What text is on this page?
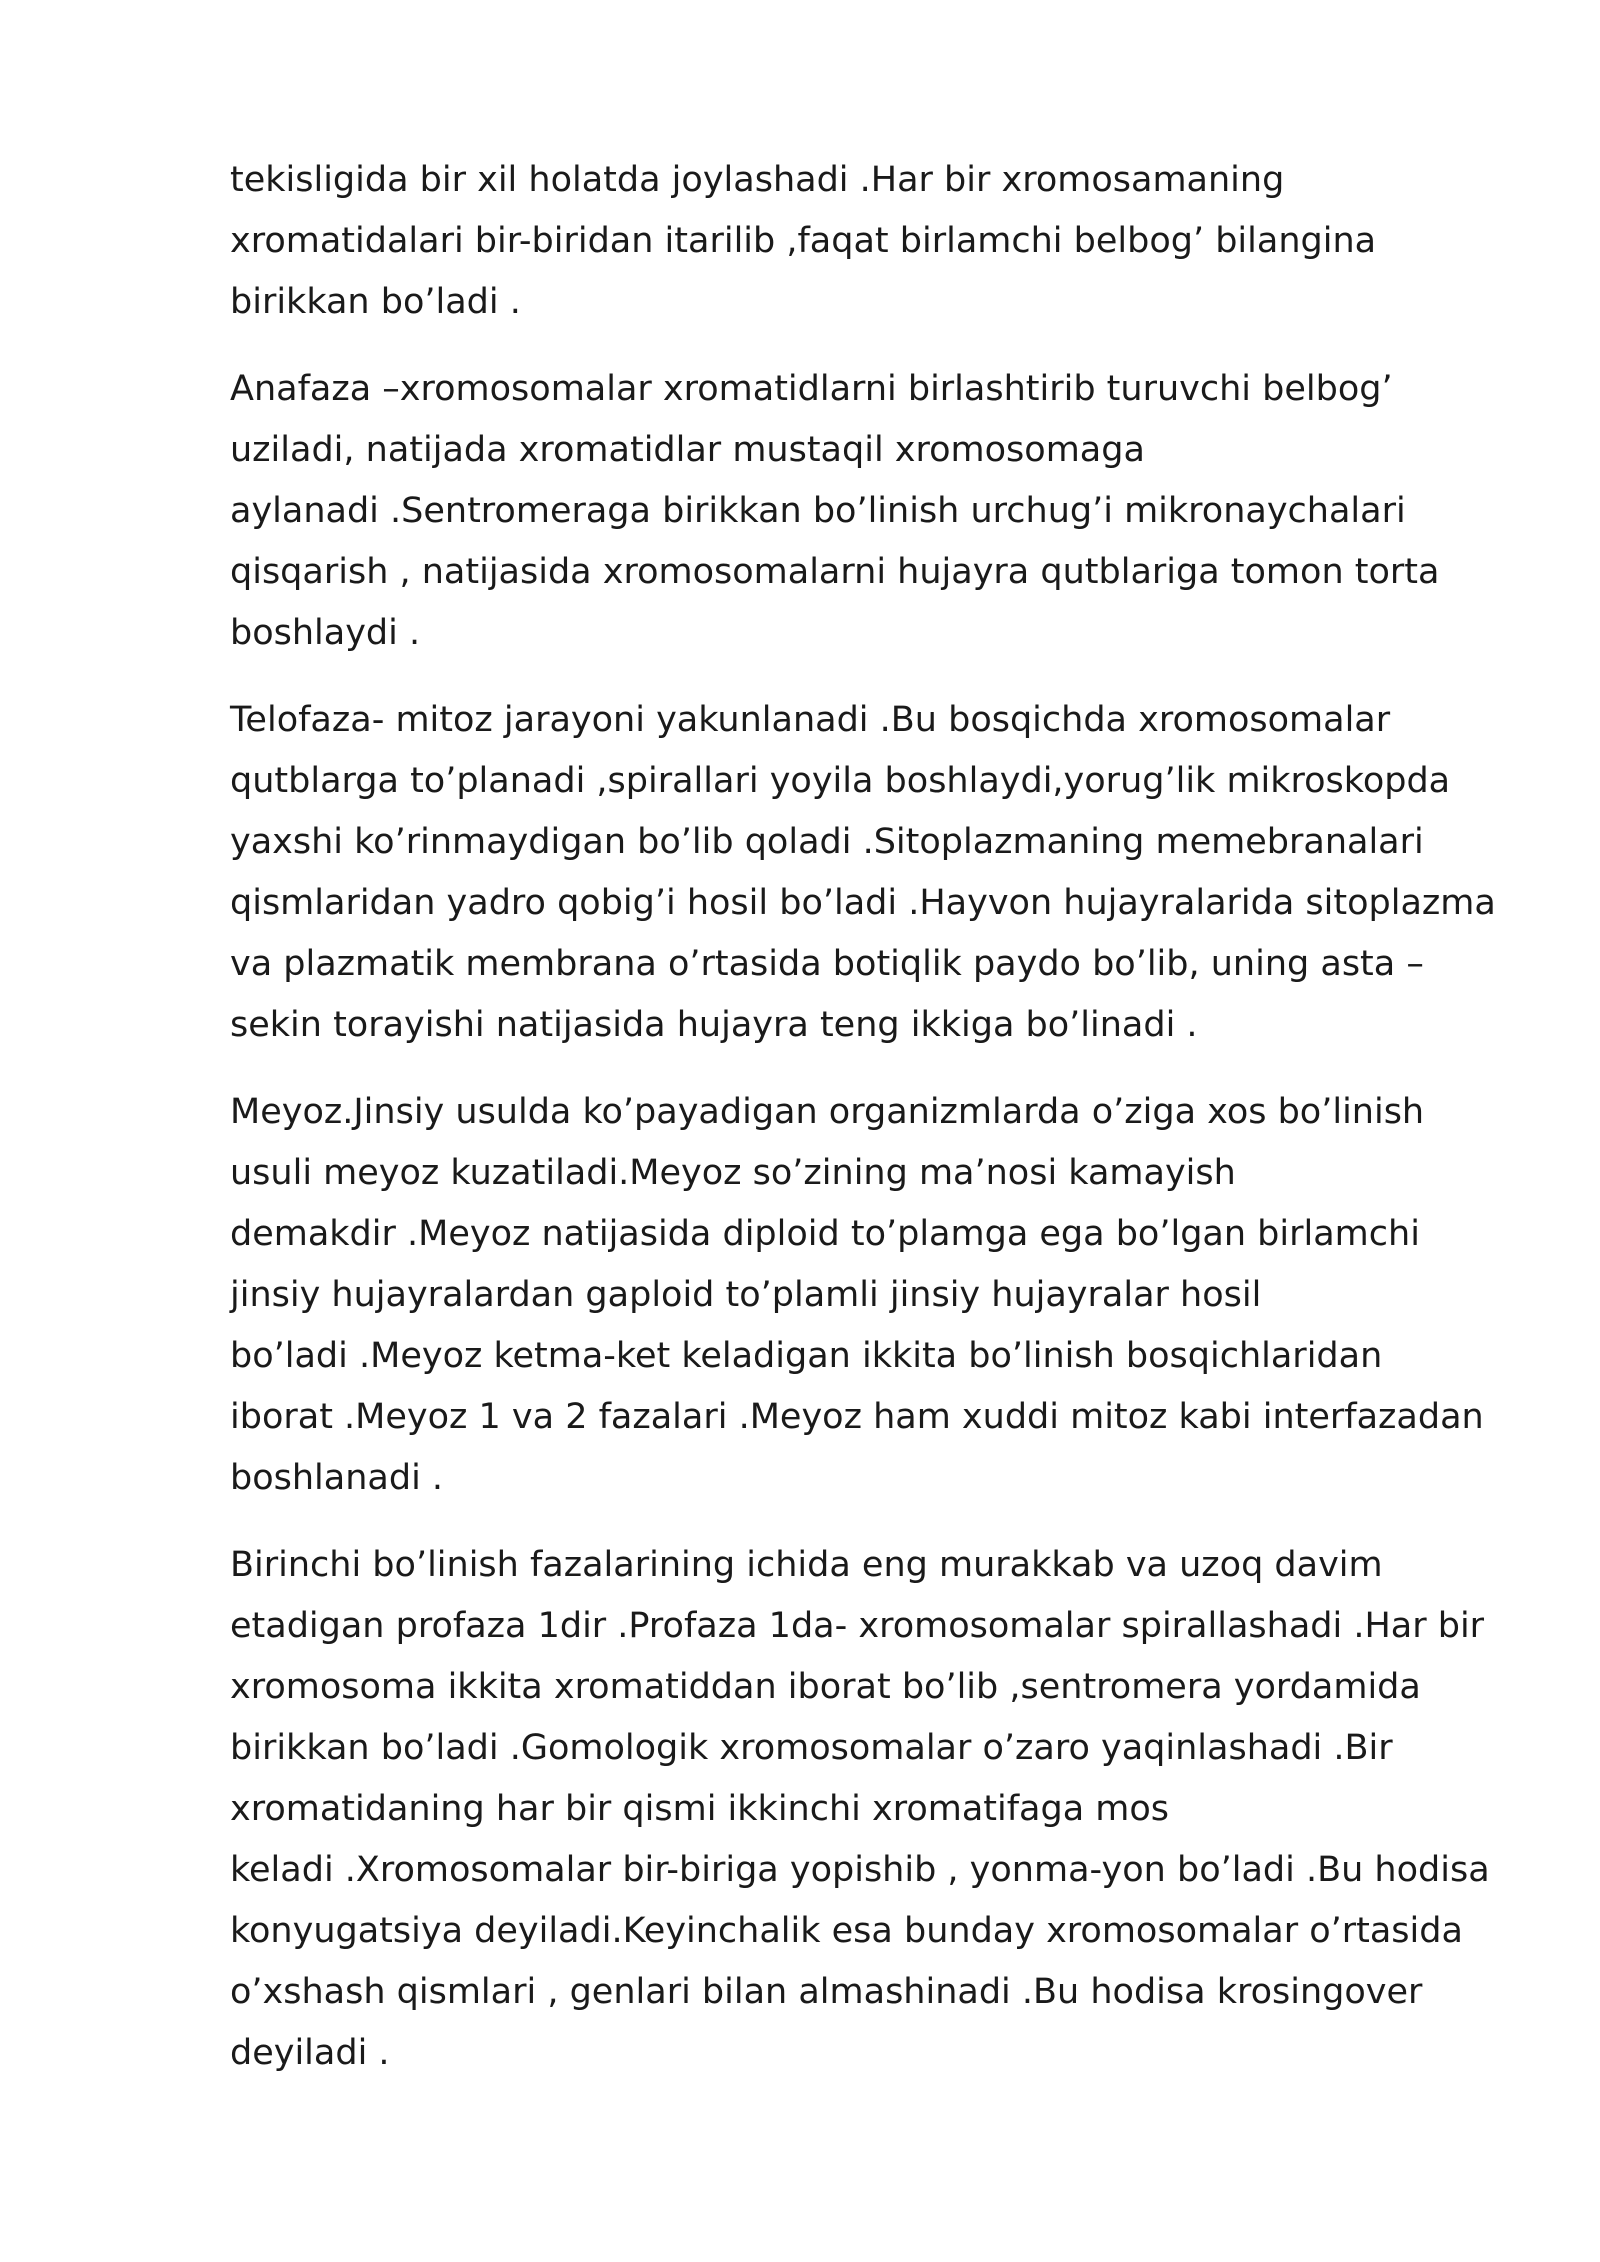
tekisligida bir xil holatda joylashadi .Har bir xromosamaning
xromatidalari bir-biridan itarilib ,faqat birlamchi belbog’ bilangina
birikkan bo’ladi .

Anafaza –xromosomalar xromatidlarni birlashtirib turuvchi belbog’
uziladi, natijada xromatidlar mustaqil xromosomaga
aylanadi .Sentromeraga birikkan bo’linish urchug’i mikronaychalari
qisqarish , natijasida xromosomalarni hujayra qutblariga tomon torta
boshlaydi .

Telofaza- mitoz jarayoni yakunlanadi .Bu bosqichda xromosomalar
qutblarga to’planadi ,spirallari yoyila boshlaydi,yorug’lik mikroskopda
yaxshi ko’rinmaydigan bo’lib qoladi .Sitoplazmaning memebranalari
qismlaridan yadro qobig’i hosil bo’ladi .Hayvon hujayralarida sitoplazma
va plazmatik membrana o’rtasida botiqlik paydo bo’lib, uning asta –
sekin torayishi natijasida hujayra teng ikkiga bo’linadi .

Meyoz.Jinsiy usulda ko’payadigan organizmlarda o’ziga xos bo’linish
usuli meyoz kuzatiladi.Meyoz so’zining ma’nosi kamayish
demakdir .Meyoz natijasida diploid to’plamga ega bo’lgan birlamchi
jinsiy hujayralardan gaploid to’plamli jinsiy hujayralar hosil
bo’ladi .Meyoz ketma-ket keladigan ikkita bo’linish bosqichlaridan
iborat .Meyoz 1 va 2 fazalari .Meyoz ham xuddi mitoz kabi interfazadan
boshlanadi .

Birinchi bo’linish fazalarining ichida eng murakkab va uzoq davim
etadigan profaza 1dir .Profaza 1da- xromosomalar spirallashadi .Har bir
xromosoma ikkita xromatiddan iborat bo’lib ,sentromera yordamida
birikkan bo’ladi .Gomologik xromosomalar o’zaro yaqinlashadi .Bir
xromatidaning har bir qismi ikkinchi xromatifaga mos
keladi .Xromosomalar bir-biriga yopishib , yonma-yon bo’ladi .Bu hodisa
konyugatsiya deyiladi.Keyinchalik esa bunday xromosomalar o’rtasida
o’xshash qismlari , genlari bilan almashinadi .Bu hodisa krosingover
deyiladi .
